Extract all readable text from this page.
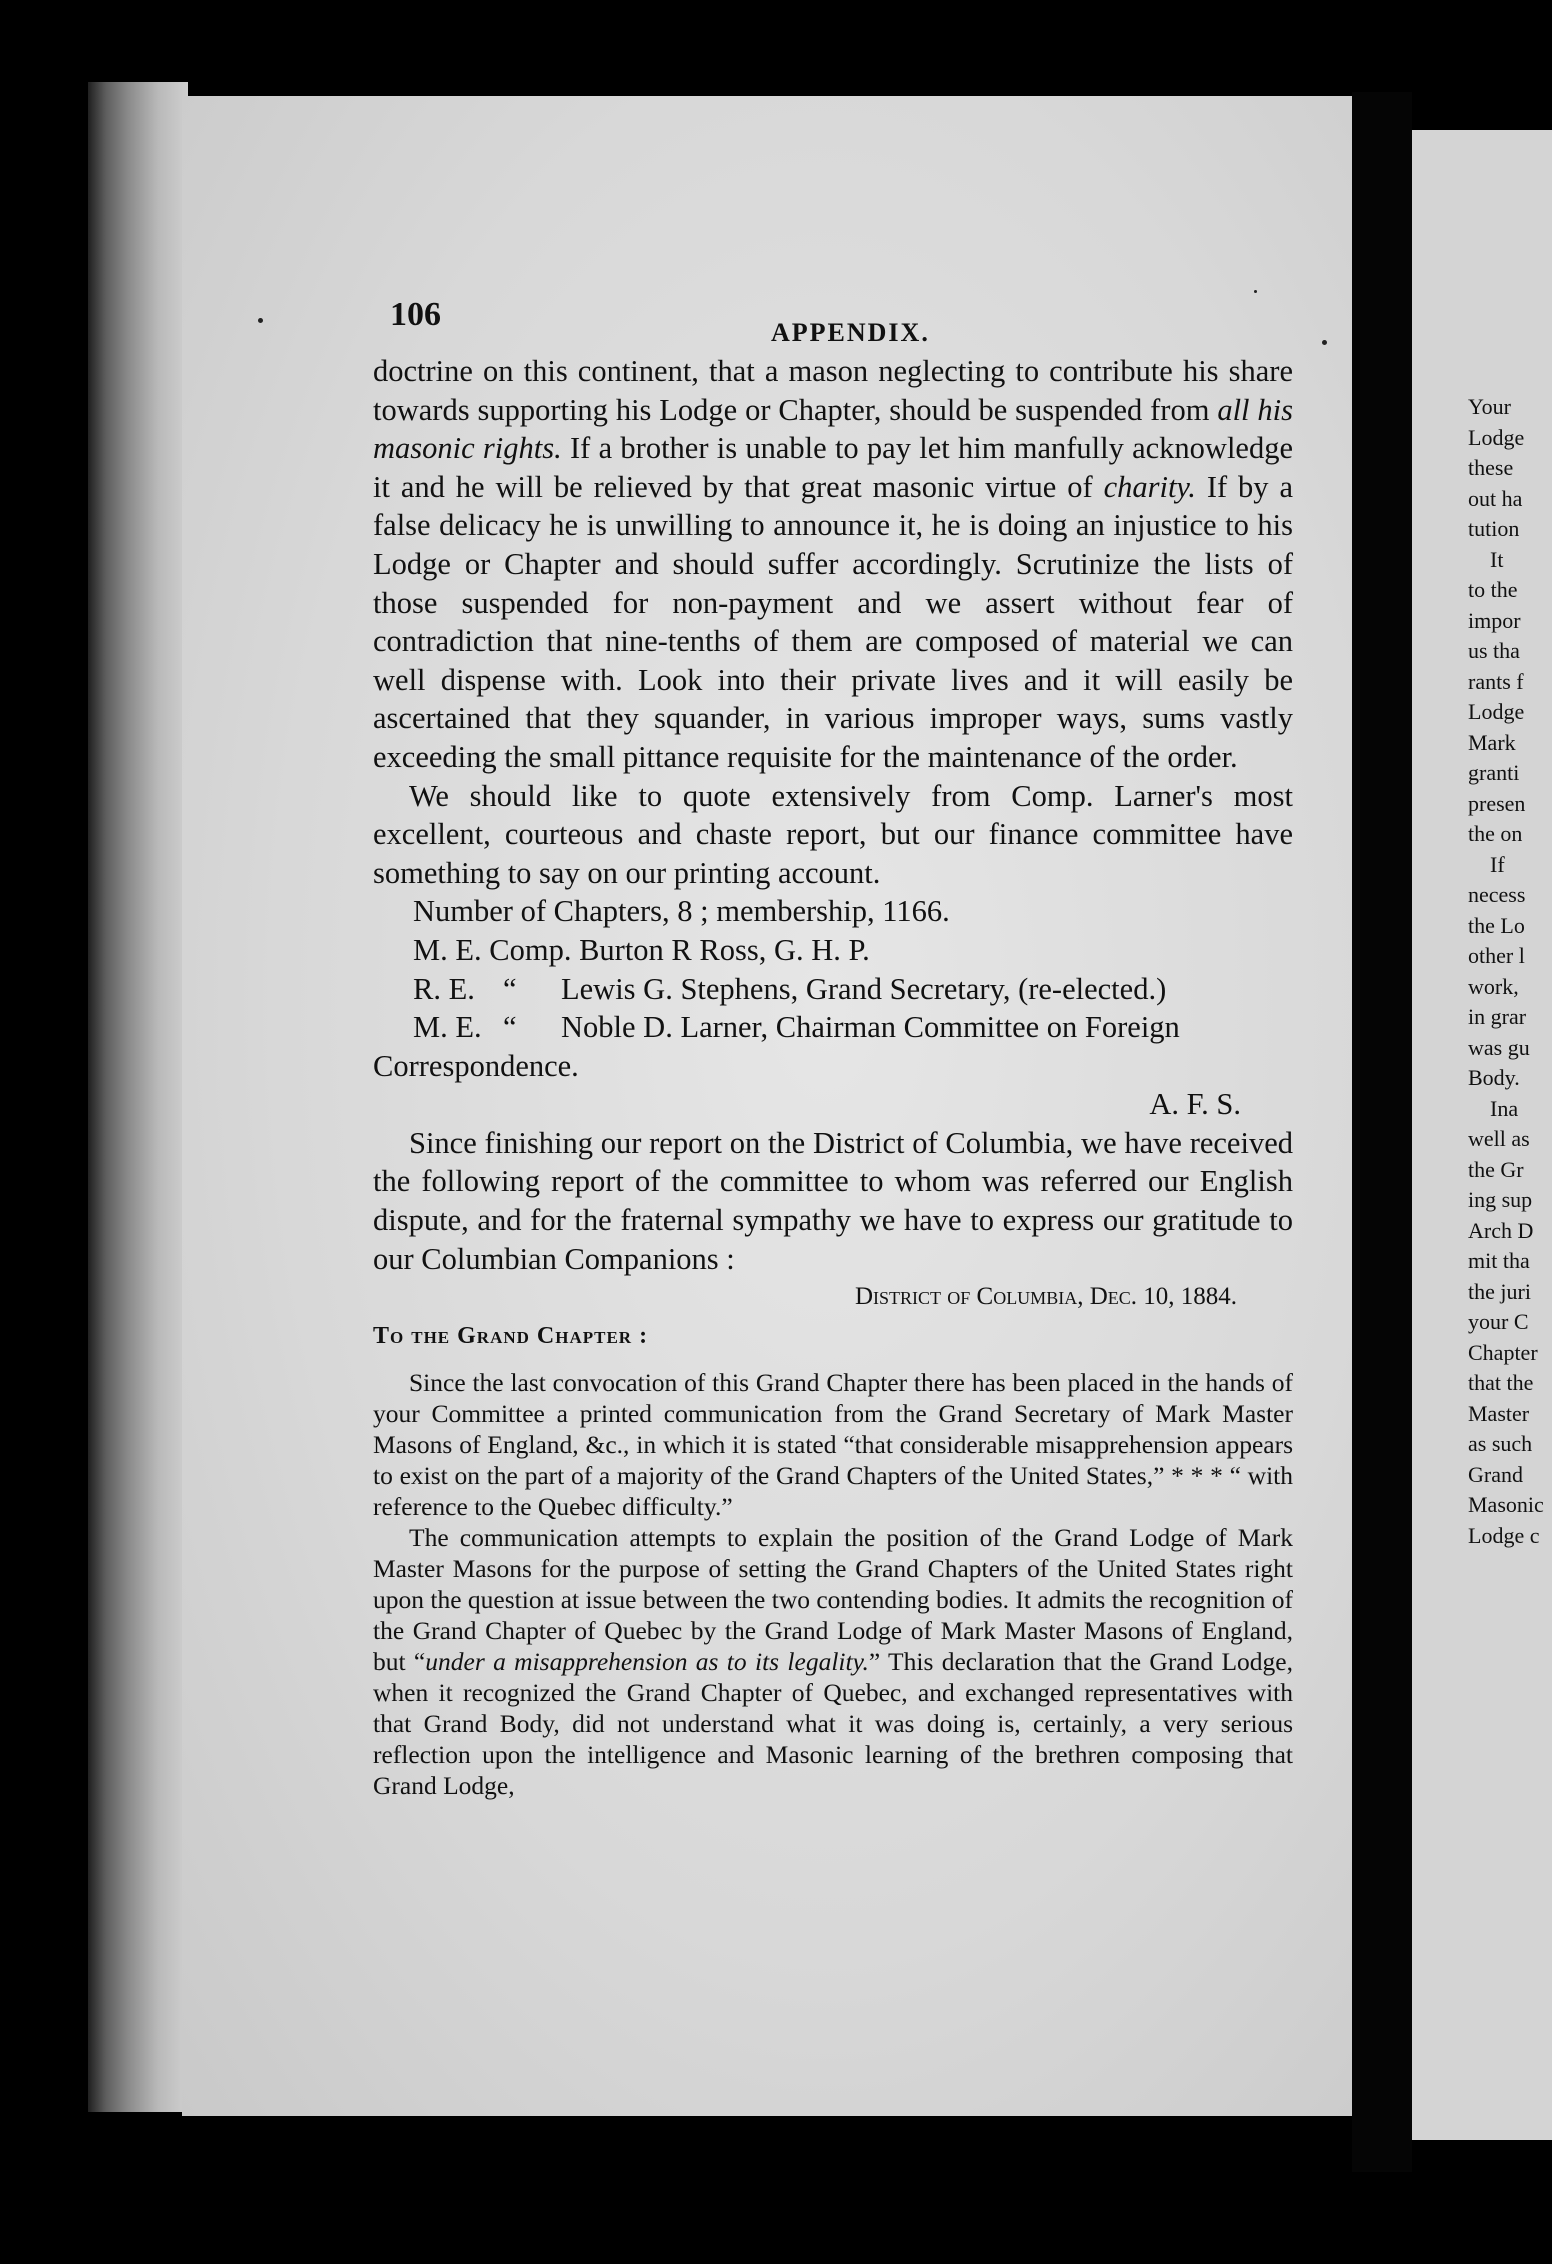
106	APPENDIX.

doctrine on this continent, that a mason neglecting to contribute his share towards supporting his Lodge or Chapter, should be suspended from all his masonic rights. If a brother is unable to pay let him manfully acknowledge it and he will be relieved by that great masonic virtue of charity. If by a false delicacy he is unwilling to announce it, he is doing an injustice to his Lodge or Chapter and should suffer accordingly. Scrutinize the lists of those suspended for non-payment and we assert without fear of contradiction that nine-tenths of them are composed of material we can well dispense with. Look into their private lives and it will easily be ascertained that they squander, in various improper ways, sums vastly exceeding the small pittance requisite for the maintenance of the order.

We should like to quote extensively from Comp. Larner's most excellent, courteous and chaste report, but our finance committee have something to say on our printing account.

Number of Chapters, 8 ; membership, 1166.

M. E. Comp. Burton R Ross, G. H. P.

R. E. “	Lewis G. Stephens, Grand Secretary, (re-elected.)
M. E. “	Noble D. Larner, Chairman Committee on Foreign

Correspondence.

A. F. S.

Since finishing our report on the District of Columbia, we have received the following report of the committee to whom was referred our English dispute, and for the fraternal sympathy we have to express our gratitude to our Columbian Companions :

District of Columbia, Dec. 10, 1884.

To the Grand Chapter :

Since the last convocation of this Grand Chapter there has been placed in the hands of your Committee a printed communication from the Grand Secretary of Mark Master Masons of England, &c., in which it is stated “that considerable misapprehension appears to exist on the part of a majority of the Grand Chapters of the United States,” * * * “ with reference to the Quebec difficulty.”

The communication attempts to explain the position of the Grand Lodge of Mark Master Masons for the purpose of setting the Grand Chapters of the United States right upon the question at issue between the two contending bodies. It admits the recognition of the Grand Chapter of Quebec by the Grand Lodge of Mark Master Masons of England, but “under a misapprehension as to its legality.” This declaration that the Grand Lodge, when it recognized the Grand Chapter of Quebec, and exchanged representatives with that Grand Body, did not understand what it was doing is, certainly, a very serious reflection upon the intelligence and Masonic learning of the brethren composing that Grand Lodge,

Your
Lodge
these
out ha
tution
It
to the
impor
us tha
rants f
Lodge
Mark
granti
presen
the on
If
necess
the Lo
other l
work,
in grar
was gu
Body.
Ina
well as
the Gr
ing sup
Arch D
mit tha
the juri
your C
Chapter
that the
Master
as such
Grand
Masonic
Lodge c
